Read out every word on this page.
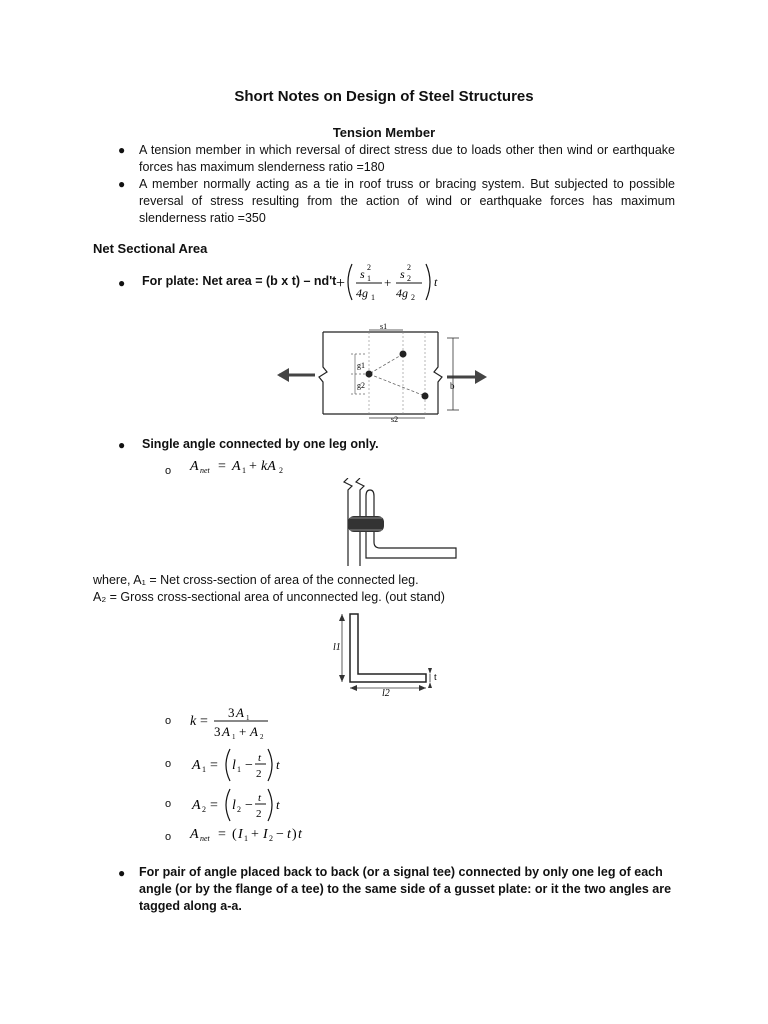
Short Notes on Design of Steel Structures
Tension Member
● A tension member in which reversal of direct stress due to loads other then wind or earthquake forces has maximum slenderness ratio =180
● A member normally acting as a tie in roof truss or bracing system. But subjected to possible reversal of stress resulting from the action of wind or earthquake forces has maximum slenderness ratio =350
Net Sectional Area
● For plate: Net area = (b x t) – nd't +
s 1
2
4g 1
+
s 2
2
4g 2
t
b
s1
s2
g1
g2
● Single angle connected by one leg only.
o A net = A 1 + kA 2
where, A₁ = Net cross-section of area of the connected leg.
A₂ = Gross cross-sectional area of unconnected leg. (out stand)
l1
l2
t
o k =
3 A 1
3 A 1 + A 2
o A 1 = l 1 − t
2
t
o A 2 = l 2 − t
2
t
o A net = ( I 1 + I 2 − t ) t
● For pair of angle placed back to back (or a signal tee) connected by only one leg of each angle (or by the flange of a tee) to the same side of a gusset plate: or it the two angles are tagged along a-a.
